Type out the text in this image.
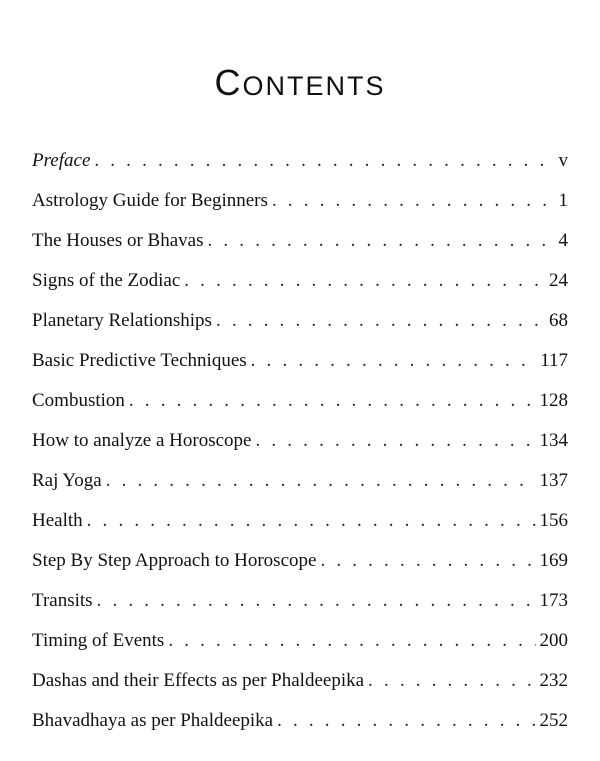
CONTENTS
Preface . . .	v
Astrology Guide for Beginners . . .	1
The Houses or Bhavas . . .	4
Signs of the Zodiac . . .	24
Planetary Relationships . . .	68
Basic Predictive Techniques . . .	117
Combustion . . .	128
How to analyze a Horoscope . . .	134
Raj Yoga . . .	137
Health . . .	156
Step By Step Approach to Horoscope . . .	169
Transits . . .	173
Timing of Events . . .	200
Dashas and their Effects as per Phaldeepika . . .	232
Bhavadhaya as per Phaldeepika . . .	252
